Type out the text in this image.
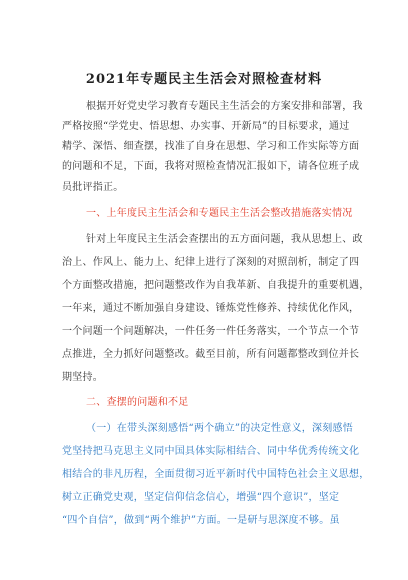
2021年专题民主生活会对照检查材料
根据开好党史学习教育专题民主生活会的方案安排和部署，我
严格按照“学党史、悟思想、办实事、开新局”的目标要求，通过
精学、深悟、细查摆，找准了自身在思想、学习和工作实际等方面
的问题和不足，下面，我将对照检查情况汇报如下，请各位班子成
员批评指正。
一、上年度民主生活会和专题民主生活会整改措施落实情况
针对上年度民主生活会查摆出的五方面问题，我从思想上、政
治上、作风上、能力上、纪律上进行了深刻的对照剖析，制定了四
个方面整改措施，把问题整改作为自我革新、自我提升的重要机遇，
一年来，通过不断加强自身建设、锤炼党性修养、持续优化作风，
一个问题一个问题解决，一件任务一件任务落实，一个节点一个节
点推进，全力抓好问题整改。截至目前，所有问题都整改到位并长
期坚持。
二、查摆的问题和不足
（一）在带头深刻感悟“两个确立”的决定性意义，深刻感悟
党坚持把马克思主义同中国具体实际相结合、同中华优秀传统文化
相结合的非凡历程，全面贯彻习近平新时代中国特色社会主义思想，
树立正确党史观，坚定信仰信念信心，增强“四个意识”，坚定
“四个自信”，做到“两个维护”方面。一是研与思深度不够。虽
